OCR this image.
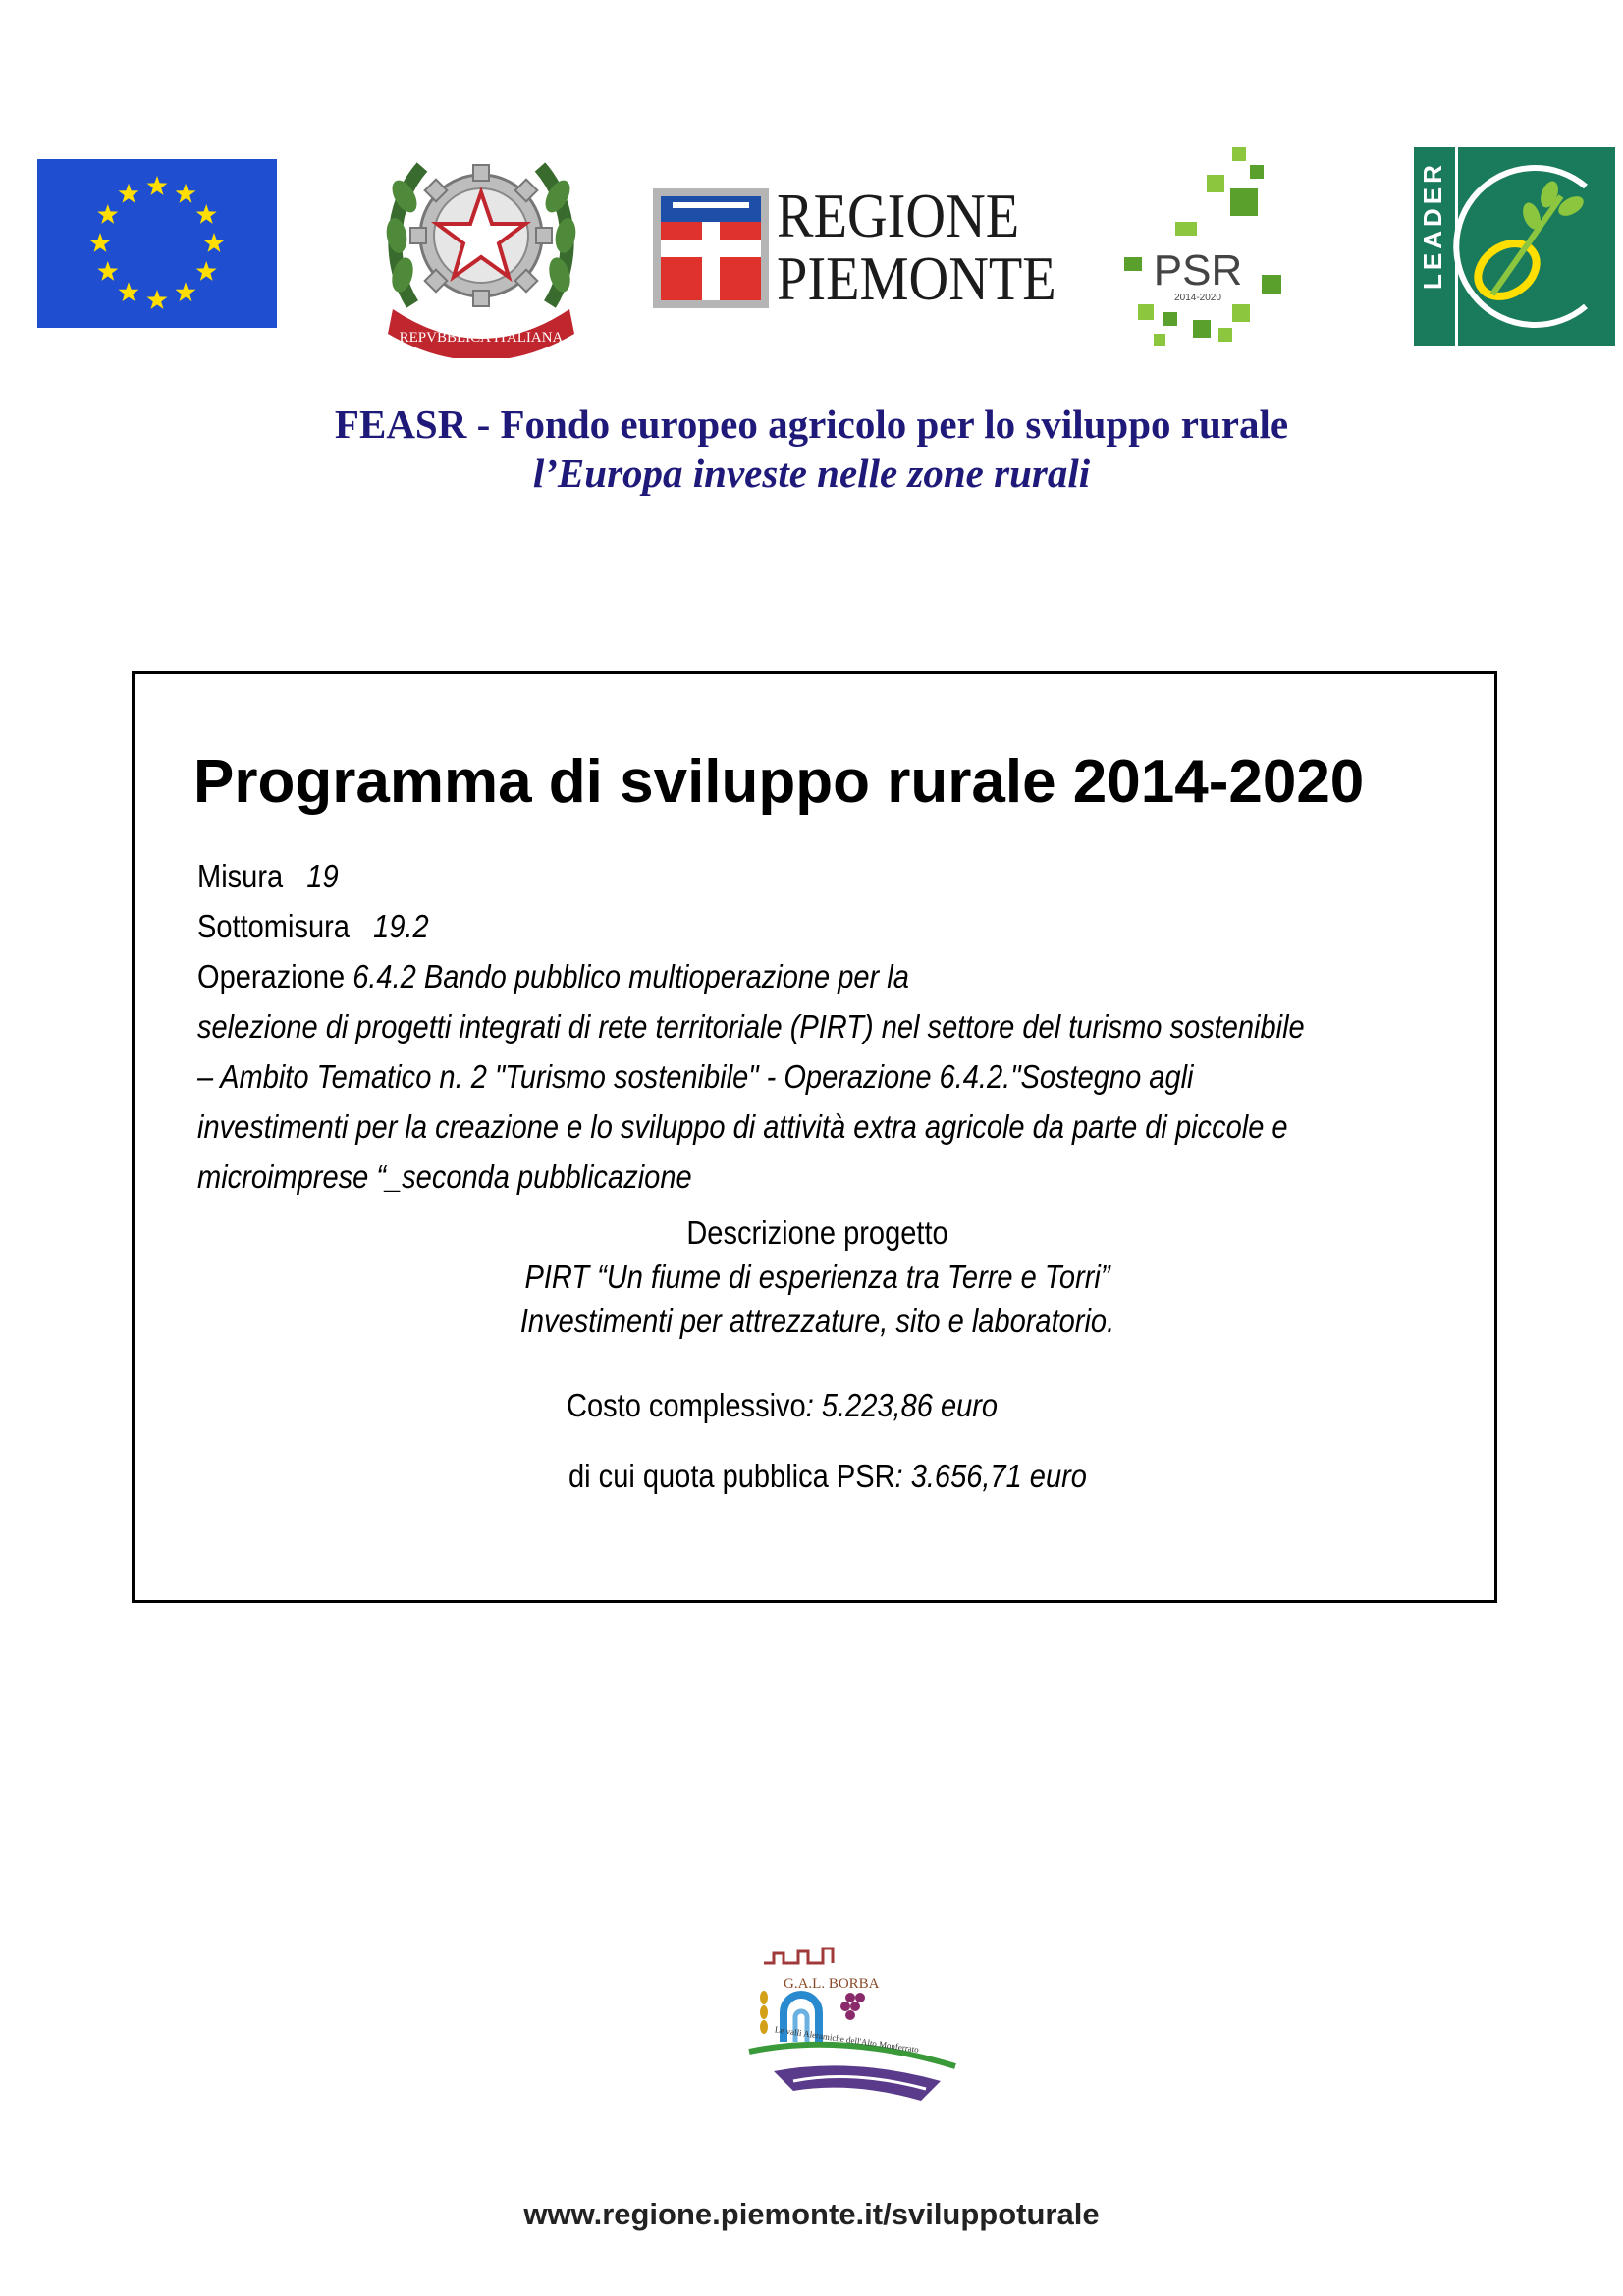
REPVBBLICA ITALIANA
REGIONE
PIEMONTE PSR
2014-2020
LEADER
FEASR - Fondo europeo agricolo per lo sviluppo rurale
l’Europa investe nelle zone rurali
Programma di sviluppo rurale 2014-2020
Misura 19
Sottomisura 19.2
Operazione 6.4.2 Bando pubblico multioperazione per la
selezione di progetti integrati di rete territoriale (PIRT) nel settore del turismo sostenibile
– Ambito Tematico n. 2 "Turismo sostenibile" - Operazione 6.4.2."Sostegno agli
investimenti per la creazione e lo sviluppo di attività extra agricole da parte di piccole e
microimprese “_seconda pubblicazione
Descrizione progetto
PIRT “Un fiume di esperienza tra Terre e Torri”
Investimenti per attrezzature, sito e laboratorio.
Costo complessivo: 5.223,86 euro
di cui quota pubblica PSR: 3.656,71 euro
G.A.L. BORBA
Le valli Aleramiche dell'Alto Monferrato
www.regione.piemonte.it/sviluppoturale
